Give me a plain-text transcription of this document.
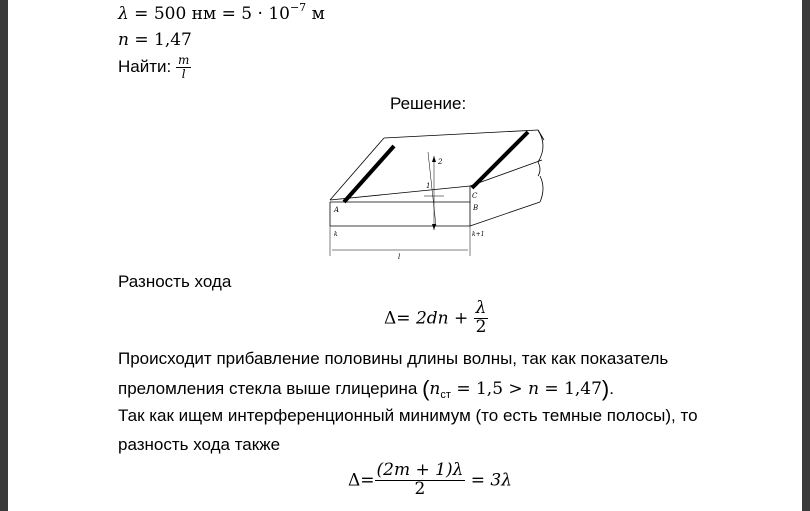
λ = 500 нм = $5 \cdot 10^{-7}$ м
n = 1,47
Найти: $\frac{m}{l}$
Решение:
2
1
C
A	B
k	k+1
l
Разность хода
$\Delta= 2dn + \frac{\lambda}{2}$
Происходит прибавление половины длины волны, так как показатель
преломления стекла выше глицерина $(n_{ст} = 1,5 > n = 1,47)$.
Так как ищем интерференционный минимум (то есть темные полосы), то
разность хода также
$\Delta= \frac{(2m + 1)\lambda}{2} = 3\lambda$
